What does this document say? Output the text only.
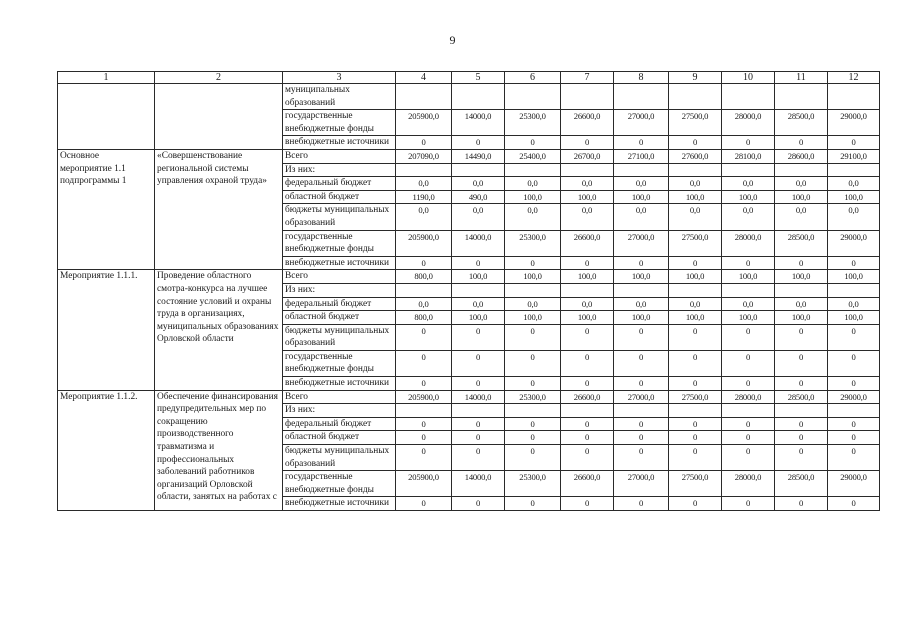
9
1	2	3	4	5	6	7	8	9	10	11	12
		муниципальных образований									
		государственные внебюджетные фонды	205900,0	14000,0	25300,0	26600,0	27000,0	27500,0	28000,0	28500,0	29000,0
		внебюджетные источники	0	0	0	0	0	0	0	0	0
Основное мероприятие 1.1 подпрограммы 1	«Совершенствование региональной системы управления охраной труда»	Всего	207090,0	14490,0	25400,0	26700,0	27100,0	27600,0	28100,0	28600,0	29100,0
		Из них:									
		федеральный бюджет	0,0	0,0	0,0	0,0	0,0	0,0	0,0	0,0	0,0
		областной бюджет	1190,0	490,0	100,0	100,0	100,0	100,0	100,0	100,0	100,0
		бюджеты муниципальных образований	0,0	0,0	0,0	0,0	0,0	0,0	0,0	0,0	0,0
		государственные внебюджетные фонды	205900,0	14000,0	25300,0	26600,0	27000,0	27500,0	28000,0	28500,0	29000,0
		внебюджетные источники	0	0	0	0	0	0	0	0	0
Мероприятие 1.1.1.	Проведение областного смотра-конкурса на лучшее состояние условий и охраны труда в организациях, муниципальных образованиях Орловской области	Всего	800,0	100,0	100,0	100,0	100,0	100,0	100,0	100,0	100,0
		Из них:									
		федеральный бюджет	0,0	0,0	0,0	0,0	0,0	0,0	0,0	0,0	0,0
		областной бюджет	800,0	100,0	100,0	100,0	100,0	100,0	100,0	100,0	100,0
		бюджеты муниципальных образований	0	0	0	0	0	0	0	0	0
		государственные внебюджетные фонды	0	0	0	0	0	0	0	0	0
		внебюджетные источники	0	0	0	0	0	0	0	0	0
Мероприятие 1.1.2.	Обеспечение финансирования предупредительных мер по сокращению производственного травматизма и профессиональных заболеваний работников организаций Орловской области, занятых на работах с	Всего	205900,0	14000,0	25300,0	26600,0	27000,0	27500,0	28000,0	28500,0	29000,0
		Из них:									
		федеральный бюджет	0	0	0	0	0	0	0	0	0
		областной бюджет	0	0	0	0	0	0	0	0	0
		бюджеты муниципальных образований	0	0	0	0	0	0	0	0	0
		государственные внебюджетные фонды	205900,0	14000,0	25300,0	26600,0	27000,0	27500,0	28000,0	28500,0	29000,0
		внебюджетные источники	0	0	0	0	0	0	0	0	0
